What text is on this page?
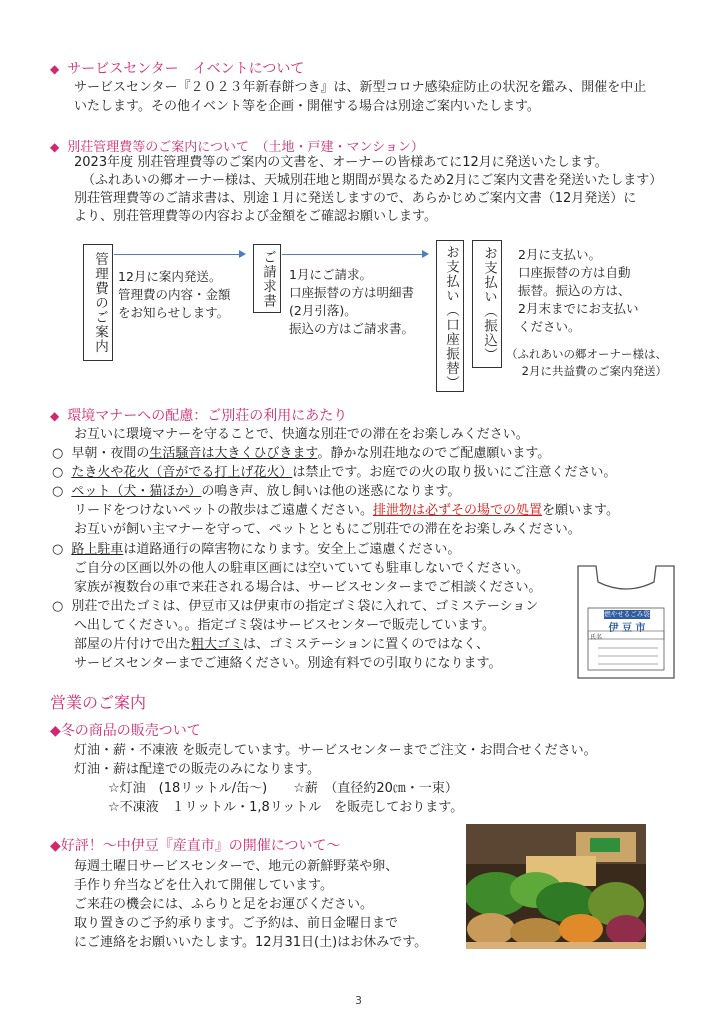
◆ サービスセンター　イベントについて
サービスセンター『２０２３年新春餅つき』は、新型コロナ感染症防止の状況を鑑み、開催を中止
いたします。その他イベント等を企画・開催する場合は別途ご案内いたします。
◆ 別荘管理費等のご案内について　（土地・戸建・マンション）
2023年度 別荘管理費等のご案内の文書を、オーナーの皆様あてに12月に発送いたします。
（ふれあいの郷オーナー様は、天城別荘地と期間が異なるため2月にご案内文書を発送いたします）
別荘管理費等のご請求書は、別途１月に発送しますので、あらかじめご案内文書（12月発送）に
より、別荘管理費等の内容および金額をご確認お願いします。
管理費のご案内 12月に案内発送。
管理費の内容・金額
をお知らせします。
ご請求書	1月にご請求。
口座振替の方は明細書
(2月引落)。
振込の方はご請求書。	お支払い（口座振替）	お支払い（振込）	2月に支払い。
口座振替の方は自動
振替。振込の方は、
2月末までにお支払い
ください。
（ふれあいの郷オーナー様は、
2月に共益費のご案内発送）
◆ 環境マナーへの配慮：ご別荘の利用にあたり
お互いに環境マナーを守ることで、快適な別荘での滞在をお楽しみください。
○ 早朝・夜間の生活騒音は大きくひびきます。静かな別荘地なのでご配慮願います。
○ たき火や花火（音がでる打上げ花火）は禁止です。お庭での火の取り扱いにご注意ください。
○ ペット（犬・猫ほか）の鳴き声、放し飼いは他の迷惑になります。
リードをつけないペットの散歩はご遠慮ください。排泄物は必ずその場での処置を願います。
お互いが飼い主マナーを守って、ペットとともにご別荘での滞在をお楽しみください。
○ 路上駐車は道路通行の障害物になります。安全上ご遠慮ください。
ご自分の区画以外の他人の駐車区画には空いていても駐車しないでください。
家族が複数台の車で来荘される場合は、サービスセンターまでご相談ください。
○ 別荘で出たゴミは、伊豆市又は伊東市の指定ゴミ袋に入れて、ゴミステーション
へ出してください。。指定ゴミ袋はサービスセンターで販売しています。
部屋の片付けで出た粗大ゴミは、ゴミステーションに置くのではなく、
サービスセンターまでご連絡ください。別途有料での引取りになります。
燃やせるごみ袋
伊 豆 市
氏名
営業のご案内
◆冬の商品の販売ついて
灯油・薪・不凍液 を販売しています。サービスセンターまでご注文・お問合せください。
灯油・薪は配達での販売のみになります。
☆灯油　(18リットル/缶～)　　☆薪　（直径約20㎝・一束）
☆不凍液　１リットル・1,8リットル　を販売しております。
◆好評！～中伊豆『産直市』の開催について～
毎週土曜日サービスセンターで、地元の新鮮野菜や卵、
手作り弁当などを仕入れて開催しています。
ご来荘の機会には、ふらりと足をお運びください。
取り置きのご予約承ります。ご予約は、前日金曜日まで
にご連絡をお願いいたします。12月31日(土)はお休みです。
3
